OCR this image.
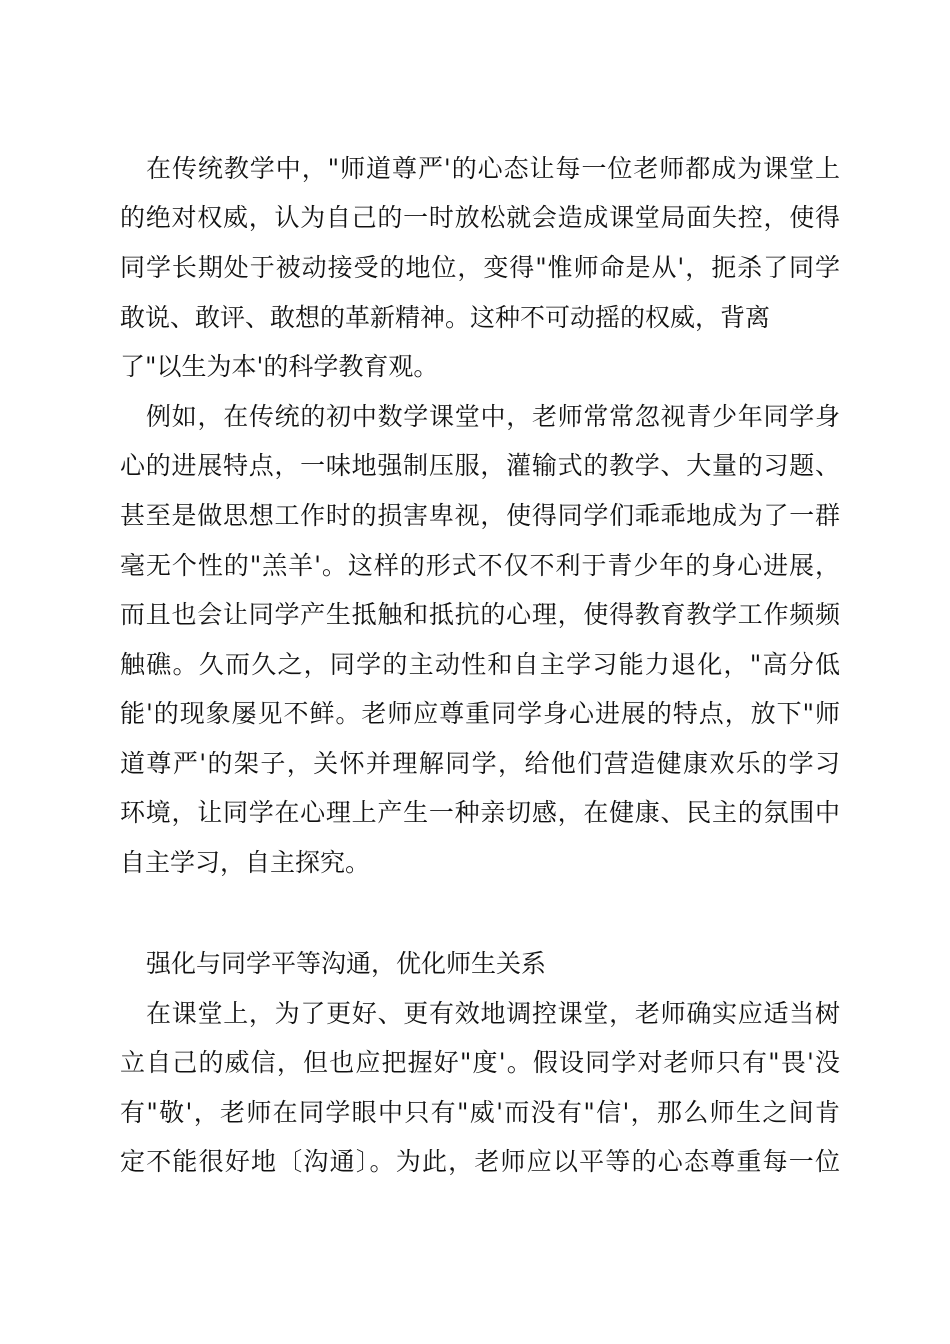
在传统教学中，"师道尊严'的心态让每一位老师都成为课堂上
的绝对权威，认为自己的一时放松就会造成课堂局面失控，使得
同学长期处于被动接受的地位，变得"惟师命是从'，扼杀了同学
敢说、敢评、敢想的革新精神。这种不可动摇的权威，背离
了"以生为本'的科学教育观。
例如，在传统的初中数学课堂中，老师常常忽视青少年同学身
心的进展特点，一味地强制压服，灌输式的教学、大量的习题、
甚至是做思想工作时的损害卑视，使得同学们乖乖地成为了一群
毫无个性的"羔羊'。这样的形式不仅不利于青少年的身心进展，
而且也会让同学产生抵触和抵抗的心理，使得教育教学工作频频
触礁。久而久之，同学的主动性和自主学习能力退化，"高分低
能'的现象屡见不鲜。老师应尊重同学身心进展的特点，放下"师
道尊严'的架子，关怀并理解同学，给他们营造健康欢乐的学习
环境，让同学在心理上产生一种亲切感，在健康、民主的氛围中
自主学习，自主探究。
强化与同学平等沟通，优化师生关系
在课堂上，为了更好、更有效地调控课堂，老师确实应适当树
立自己的威信，但也应把握好"度'。假设同学对老师只有"畏'没
有"敬'，老师在同学眼中只有"威'而没有"信'，那么师生之间肯
定不能很好地〔沟通〕。为此，老师应以平等的心态尊重每一位
